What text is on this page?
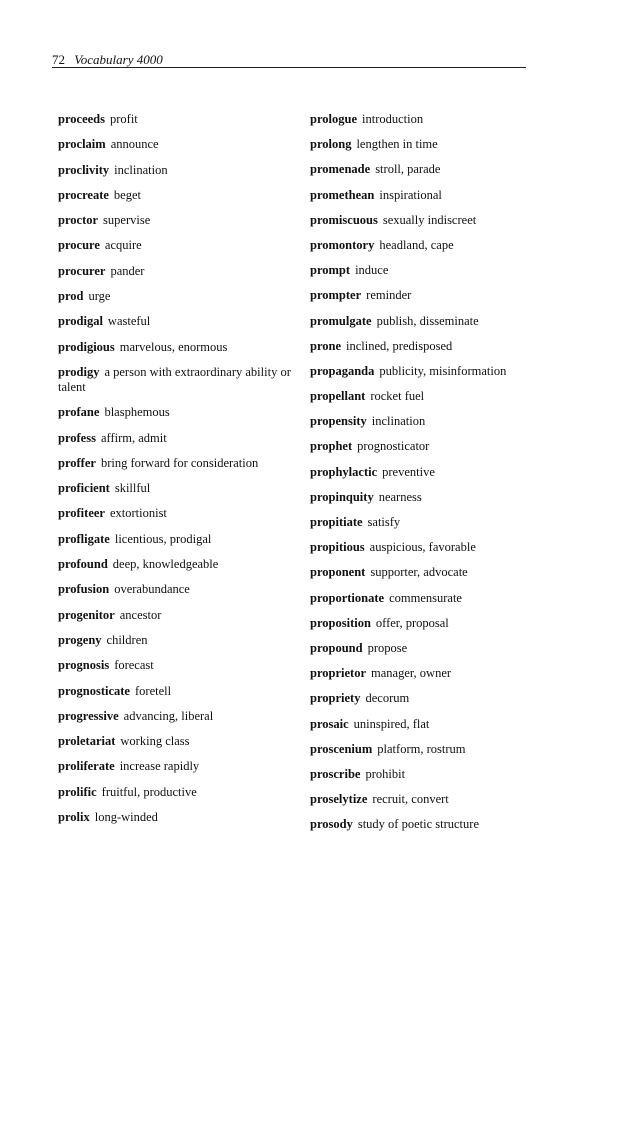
72 Vocabulary 4000
proceeds profit
proclaim announce
proclivity inclination
procreate beget
proctor supervise
procure acquire
procurer pander
prod urge
prodigal wasteful
prodigious marvelous, enormous
prodigy a person with extraordinary ability or talent
profane blasphemous
profess affirm, admit
proffer bring forward for consideration
proficient skillful
profiteer extortionist
profligate licentious, prodigal
profound deep, knowledgeable
profusion overabundance
progenitor ancestor
progeny children
prognosis forecast
prognosticate foretell
progressive advancing, liberal
proletariat working class
proliferate increase rapidly
prolific fruitful, productive
prolix long-winded
prologue introduction
prolong lengthen in time
promenade stroll, parade
promethean inspirational
promiscuous sexually indiscreet
promontory headland, cape
prompt induce
prompter reminder
promulgate publish, disseminate
prone inclined, predisposed
propaganda publicity, misinformation
propellant rocket fuel
propensity inclination
prophet prognosticator
prophylactic preventive
propinquity nearness
propitiate satisfy
propitious auspicious, favorable
proponent supporter, advocate
proportionate commensurate
proposition offer, proposal
propound propose
proprietor manager, owner
propriety decorum
prosaic uninspired, flat
proscenium platform, rostrum
proscribe prohibit
proselytize recruit, convert
prosody study of poetic structure
